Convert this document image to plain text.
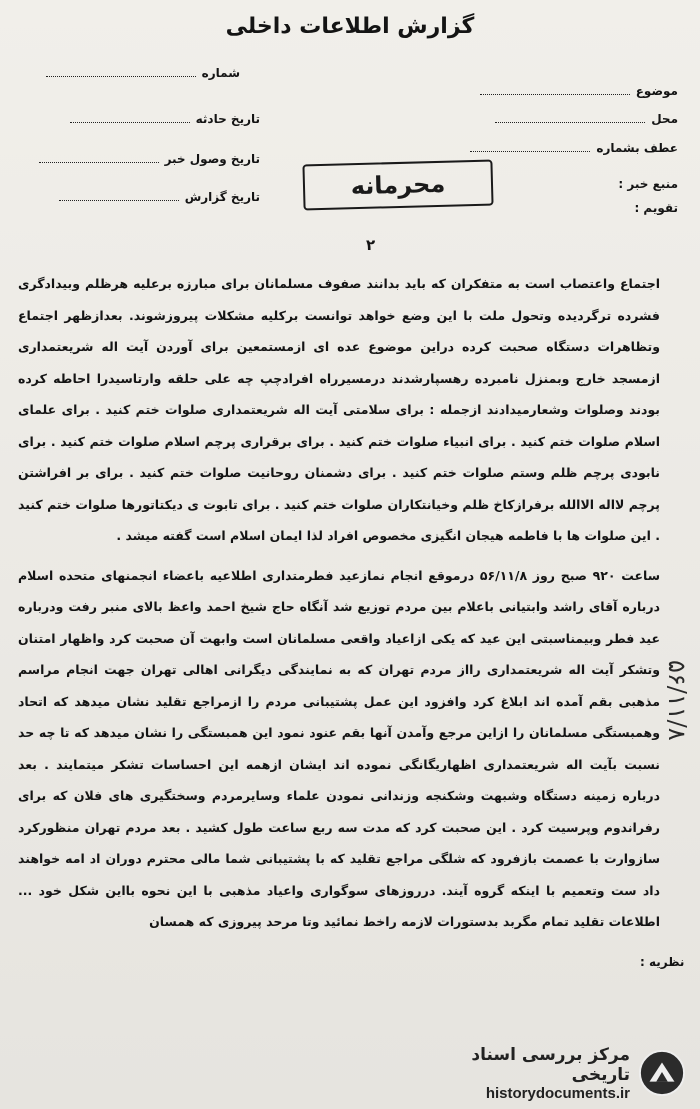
گزارش اطلاعات داخلی
موضوع
محل
عطف بشماره
منبع خبر :
تقویم :
شماره
تاریخ حادثه
تاریخ وصول خبر
تاریخ گزارش	محرمانه
۲

اجتماع واعتصاب است به متفکران که باید بدانند صفوف مسلمانان برای مبارزه برعلیه هرظلم وبیدادگری فشرده ترگردیده وتحول ملت با این وضع خواهد توانست برکلیه مشکلات پیروزشوند. بعدازظهر اجتماع وتظاهرات دستگاه صحبت کرده دراین موضوع عده ای ازمستمعین برای آوردن آیت اله شریعتمداری ازمسجد خارج وبمنزل نامبرده رهسپارشدند درمسیرراه افرادچپ چه علی حلقه وارتاسیدرا احاطه کرده بودند وصلوات وشعارمیدادند ازجمله : برای سلامتی آیت اله شریعتمداری صلوات ختم کنید . برای علمای اسلام صلوات ختم کنید . برای انبیاء صلوات ختم کنید . برای برقراری پرچم اسلام صلوات ختم کنید . برای نابودی پرچم ظلم وستم صلوات ختم کنید . برای دشمنان روحانیت صلوات ختم کنید . برای بر افراشتن پرچم لااله الاالله برفرازکاخ ظلم وخیانتکاران صلوات ختم کنید . برای تابوت ی دیکتاتورها صلوات ختم کنید . این صلوات ها با فاطمه هیجان انگیزی مخصوص افراد لذا ایمان اسلام است گفته میشد .

ساعت ۹۲۰ صبح روز ۵۶/۱۱/۸ درموقع انجام نمازعید فطرمتداری اطلاعیه باعضاء انجمنهای متحده اسلام درباره آقای راشد وابتیانی باعلام بین مردم توزیع شد آنگاه حاج شیخ احمد واعظ بالای منبر رفت ودرباره عید فطر وبیمناسبتی این عید که یکی ازاعیاد واقعی مسلمانان است وابهت آن صحبت کرد واظهار امتنان وتشکر آیت اله شریعتمداری رااز مردم تهران که به نمایندگی دیگرانی اهالی تهران جهت انجام مراسم مذهبی بقم آمده اند ابلاغ کرد وافزود این عمل پشتیبانی مردم را ازمراجع تقلید نشان میدهد که اتحاد وهمبستگی مسلمانان را ازاین مرجع وآمدن آنها بقم عنود نمود این همبستگی را نشان میدهد که تا چه حد نسبت بآیت اله شریعتمداری اظهاریگانگی نموده اند ایشان ازهمه این احساسات تشکر میتمایند . بعد درباره زمینه دستگاه وشبهت وشکنجه وزندانی نمودن علماء وسایرمردم وسختگیری های فلان که برای رفراندوم وپرسیت کرد . این صحبت کرد که مدت سه ربع ساعت طول کشید . بعد مردم تهران منظورکرد سازوارت با عصمت بازفرود که شلگی مراجع تقلید که با پشتیبانی شما مالی محترم دوران اد امه خواهند داد ست وتعمیم با اینکه گروه آیند. درروزهای سوگواری واعیاد مذهبی با این نحوه بااین شکل خود ... اطلاعات تقلید تمام مگربد بدستورات لازمه راخط نمائید وتا مرحد پیروزی که همسان

۵۶/۱۱/۸
نظریه :
مرکز بررسی اسناد تاریخی
historydocuments.ir
